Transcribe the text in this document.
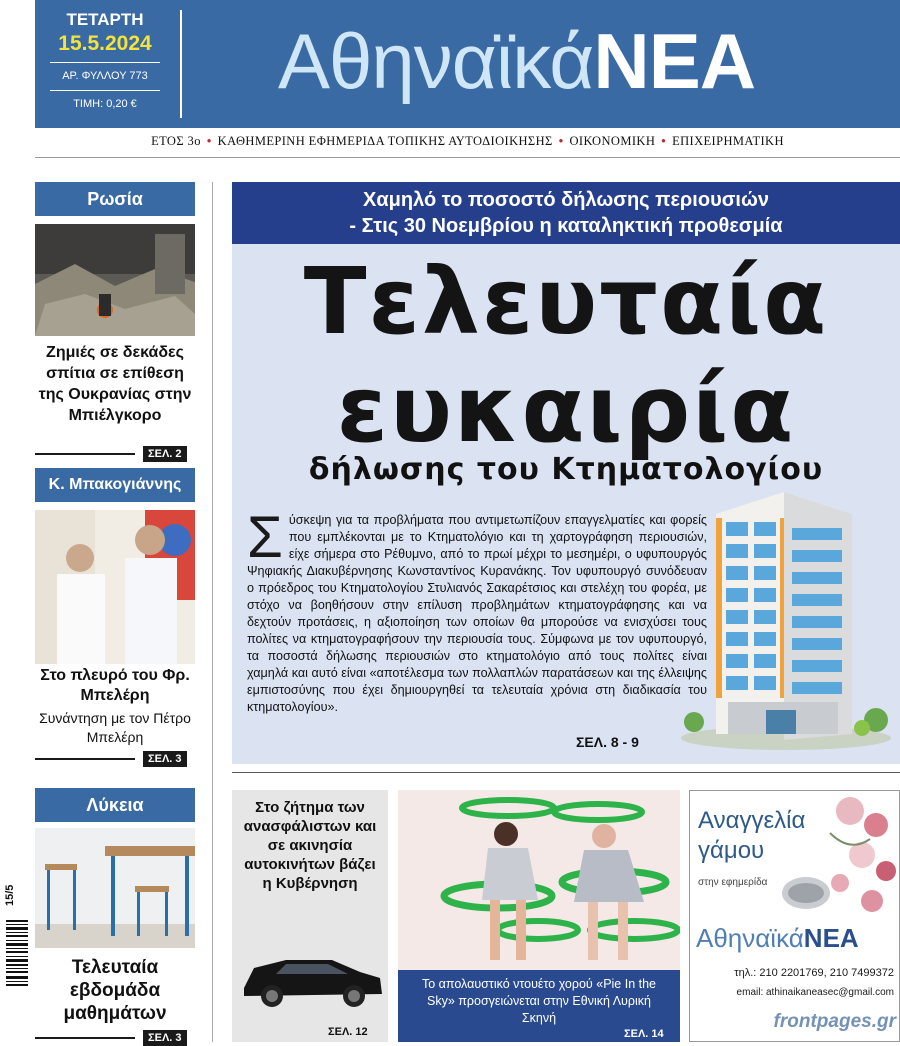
ΤΕΤΑΡΤΗ
15.5.2024
ΑΡ. ΦΥΛΛΟΥ 773
ΤΙΜΗ: 0,20 €	ΑθηναϊκάΝΕΑ
ΕΤΟΣ 3ο • ΚΑΘΗΜΕΡΙΝΗ ΕΦΗΜΕΡΙΔΑ ΤΟΠΙΚΗΣ ΑΥΤΟΔΙΟΙΚΗΣΗΣ • ΟΙΚΟΝΟΜΙΚΗ • ΕΠΙΧΕΙΡΗΜΑΤΙΚΗ
Ρωσία
Ζημιές σε δεκάδες σπίτια σε επίθεση της Ουκρανίας στην Μπιέλγκορο
ΣΕΛ. 2
Κ. Μπακογιάννης
Στο πλευρό του Φρ. Μπελέρη
Συνάντηση με τον Πέτρο Μπελέρη
ΣΕΛ. 3
Λύκεια
Τελευταία εβδομάδα μαθημάτων
ΣΕΛ. 3
15/5
Χαμηλό το ποσοστό δήλωσης περιουσιών
- Στις 30 Νοεμβρίου η καταληκτική προθεσμία
Τελευταία
ευκαιρία
δήλωσης του Κτηματολογίου
Σύσκεψη για τα προβλήματα που αντιμετωπίζουν επαγγελματίες και φορείς που εμπλέκονται με το Κτηματολόγιο και τη χαρτογράφηση περιουσιών, είχε σήμερα στο Ρέθυμνο, από το πρωί μέχρι το μεσημέρι, ο υφυπουργός Ψηφιακής Διακυβέρνησης Κωνσταντίνος Κυρανάκης. Τον υφυπουργό συνόδευαν ο πρόεδρος του Κτηματολογίου Στυλιανός Σακαρέτσιος και στελέχη του φορέα, με στόχο να βοηθήσουν στην επίλυση προβλημάτων κτηματογράφησης και να δεχτούν προτάσεις, η αξιοποίηση των οποίων θα μπορούσε να ενισχύσει τους πολίτες να κτηματογραφήσουν την περιουσία τους. Σύμφωνα με τον υφυπουργό, τα ποσοστά δήλωσης περιουσιών στο κτηματολόγιο από τους πολίτες είναι χαμηλά και αυτό είναι «αποτέλεσμα των πολλαπλών παρατάσεων και της έλλειψης εμπιστοσύνης που έχει δημιουργηθεί τα τελευταία χρόνια στη διαδικασία του κτηματολογίου».
ΣΕΛ. 8 - 9
Στο ζήτημα των ανασφάλιστων και σε ακινησία αυτοκινήτων βάζει η Κυβέρνηση
ΣΕΛ. 12
Το απολαυστικό ντουέτο χορού «Pie In the Sky» προσγειώνεται στην Εθνική Λυρική Σκηνή
ΣΕΛ. 14
Αναγγελία
γάμου
στην εφημερίδα
ΑθηναϊκάΝΕΑ
τηλ.: 210 2201769, 210 7499372
email: athinaikaneasec@gmail.com
frontpages.gr
